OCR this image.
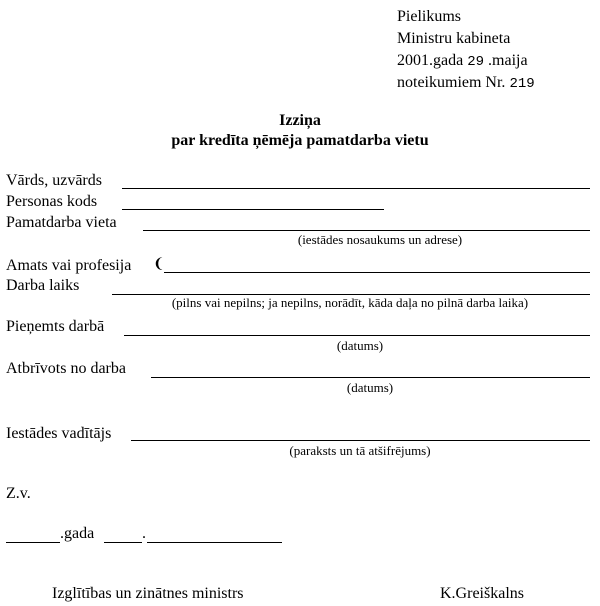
Pielikums
Ministru kabineta
2001.gada 29 .maija
noteikumiem Nr. 219
Izziņa
par kredīta ņēmēja pamatdarba vietu
Vārds, uzvārds
Personas kods
Pamatdarba vieta
(iestādes nosaukums un adrese)
Amats vai profesija ❨
Darba laiks
(pilns vai nepilns; ja nepilns, norādīt, kāda daļa no pilnā darba laika)
Pieņemts darbā
(datums)
Atbrīvots no darba
(datums)
Iestādes vadītājs
(paraksts un tā atšifrējums)
Z.v.
.gada	.
Izglītības un zinātnes ministrs	K.Greiškalns
